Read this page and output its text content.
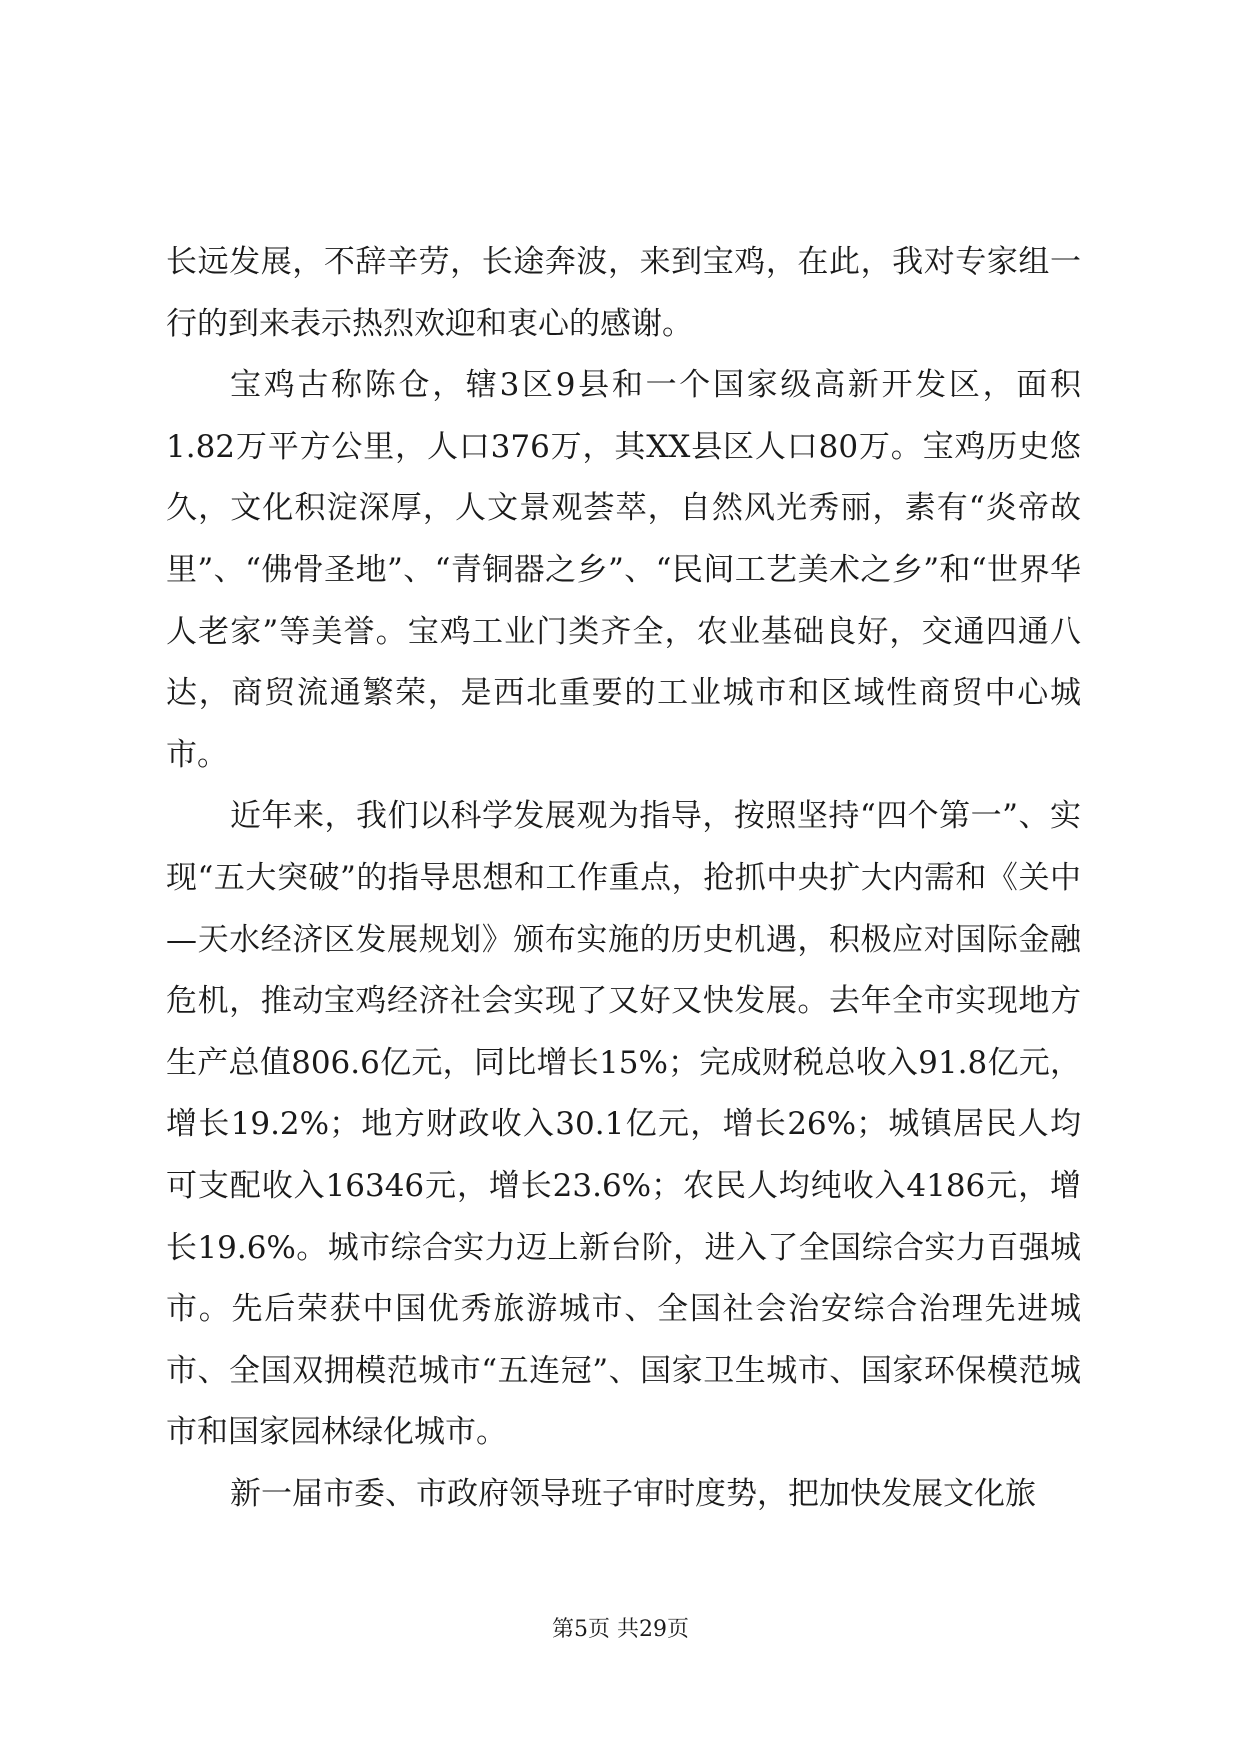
长远发展，不辞辛劳，长途奔波，来到宝鸡，在此，我对专家组一行的到来表示热烈欢迎和衷心的感谢。

宝鸡古称陈仓，辖3区9县和一个国家级高新开发区，面积1.82万平方公里，人口376万，其XX县区人口80万。宝鸡历史悠久，文化积淀深厚，人文景观荟萃，自然风光秀丽，素有“炎帝故里”、“佛骨圣地”、“青铜器之乡”、“民间工艺美术之乡”和“世界华人老家”等美誉。宝鸡工业门类齐全，农业基础良好，交通四通八达，商贸流通繁荣，是西北重要的工业城市和区域性商贸中心城市。

近年来，我们以科学发展观为指导，按照坚持“四个第一”、实现“五大突破”的指导思想和工作重点，抢抓中央扩大内需和《关中—天水经济区发展规划》颁布实施的历史机遇，积极应对国际金融危机，推动宝鸡经济社会实现了又好又快发展。去年全市实现地方生产总值806.6亿元，同比增长15%；完成财税总收入91.8亿元，增长19.2%；地方财政收入30.1亿元，增长26%；城镇居民人均可支配收入16346元，增长23.6%；农民人均纯收入4186元，增长19.6%。城市综合实力迈上新台阶，进入了全国综合实力百强城市。先后荣获中国优秀旅游城市、全国社会治安综合治理先进城市、全国双拥模范城市“五连冠”、国家卫生城市、国家环保模范城市和国家园林绿化城市。

新一届市委、市政府领导班子审时度势，把加快发展文化旅

第5页 共29页
